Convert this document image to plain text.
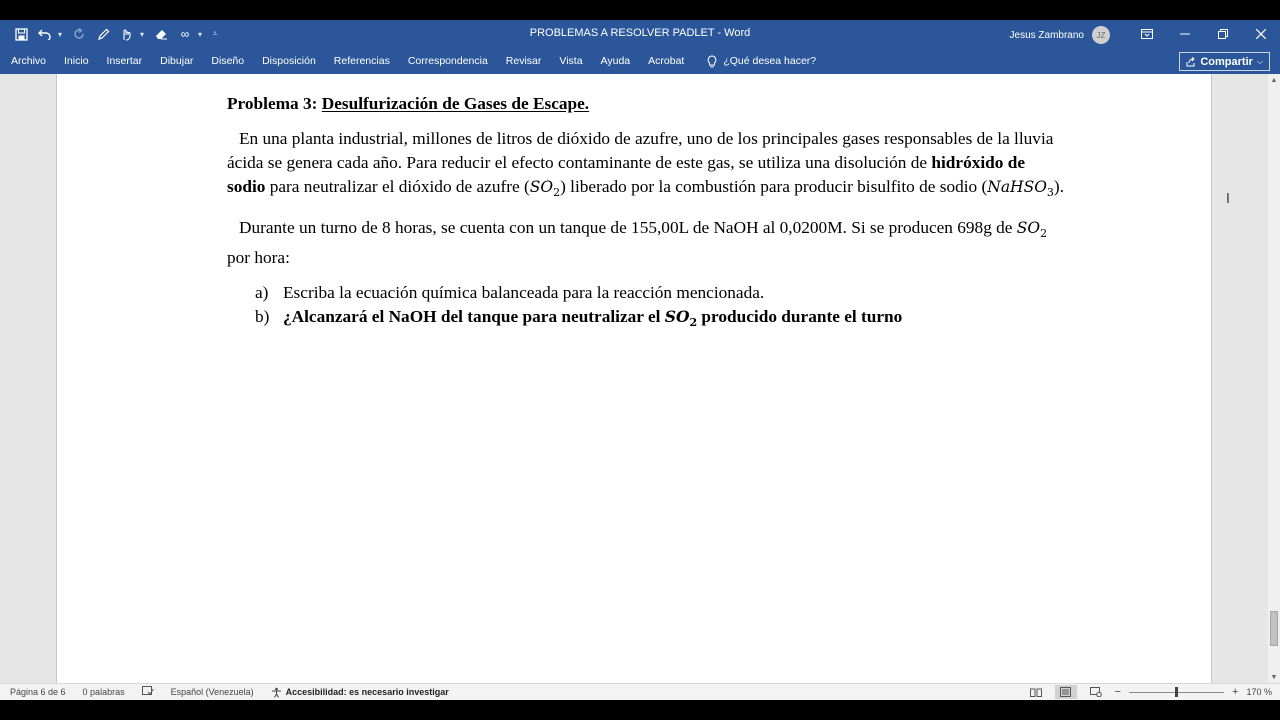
▾	▾	∞	▾	⩡	PROBLEMAS A RESOLVER PADLET - Word	Jesus Zambrano	JZ
Archivo	Inicio	Insertar	Dibujar	Diseño	Disposición	Referencias	Correspondencia	Revisar	Vista	Ayuda	Acrobat	¿Qué desea hacer?	Compartir ⌵

Problema 3: Desulfurización de Gases de Escape.

En una planta industrial, millones de litros de dióxido de azufre, uno de los principales gases responsables de la lluvia ácida se genera cada año. Para reducir el efecto contaminante de este gas, se utiliza una disolución de hidróxido de sodio para neutralizar el dióxido de azufre $(SO_2)$ liberado por la combustión para producir bisulfito de sodio (NaHSO$_3$).

Durante un turno de 8 horas, se cuenta con un tanque de 155,00L de NaOH al 0,0200M. Si se producen 698g de $SO_2$ por hora:

a) Escriba la ecuación química balanceada para la reacción mencionada.
b) ¿Alcanzará el NaOH del tanque para neutralizar el $SO_2$ producido durante el turno
I
▲
▼
Página 6 de 6 0 palabras	Español (Venezuela)	Accesibilidad: es necesario investigar	−	+ 170 %
